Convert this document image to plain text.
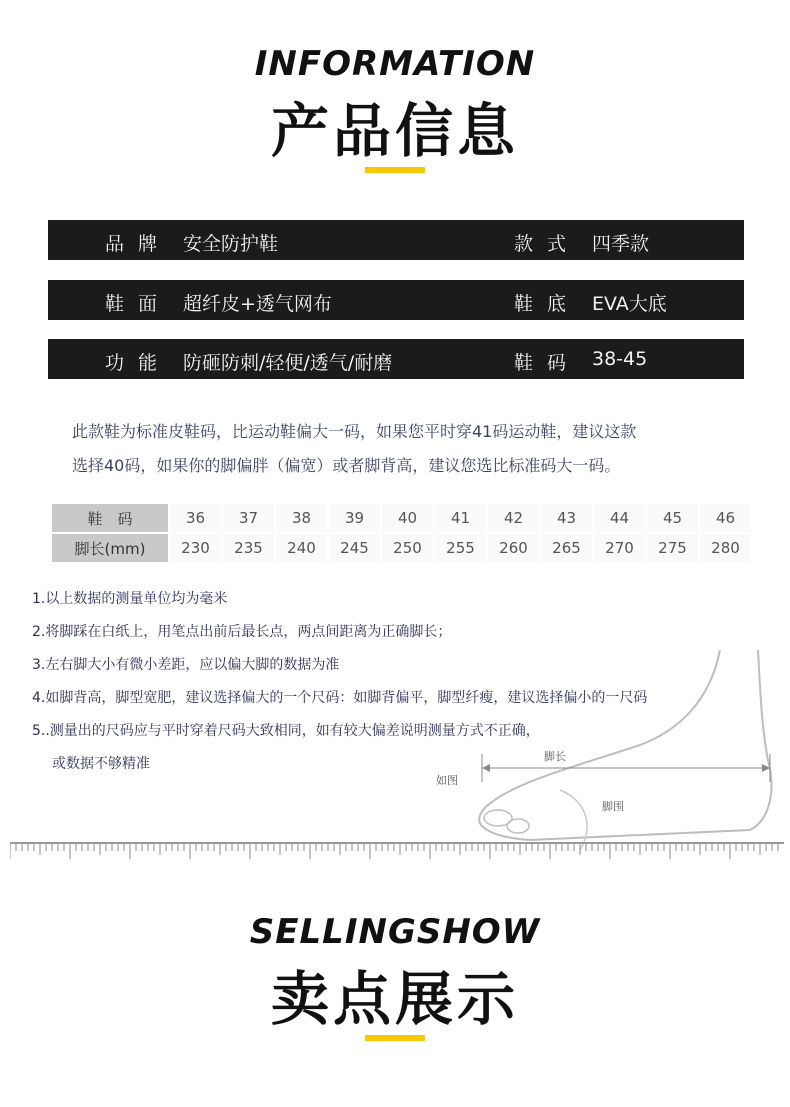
INFORMATION
产品信息
品牌 安全防护鞋	款式 四季款
鞋面 超纤皮+透气网布	鞋底 EVA大底
功能 防砸防刺/轻便/透气/耐磨	鞋码 38-45
此款鞋为标准皮鞋码，比运动鞋偏大一码，如果您平时穿41码运动鞋，建议这款
选择40码，如果你的脚偏胖（偏宽）或者脚背高，建议您选比标准码大一码。
鞋　码	36	37	38	39	40	41	42	43	44	45	46
脚长(mm)	230	235	240	245	250	255	260	265	270	275	280
脚长
如图
脚围
1.以上数据的测量单位均为毫米
2.将脚踩在白纸上，用笔点出前后最长点，两点间距离为正确脚长；
3.左右脚大小有微小差距，应以偏大脚的数据为准
4.如脚背高，脚型宽肥，建议选择偏大的一个尺码：如脚背偏平，脚型纤瘦，建议选择偏小的一尺码
5..测量出的尺码应与平时穿着尺码大致相同，如有较大偏差说明测量方式不正确，
或数据不够精准
SELLINGSHOW
卖点展示
